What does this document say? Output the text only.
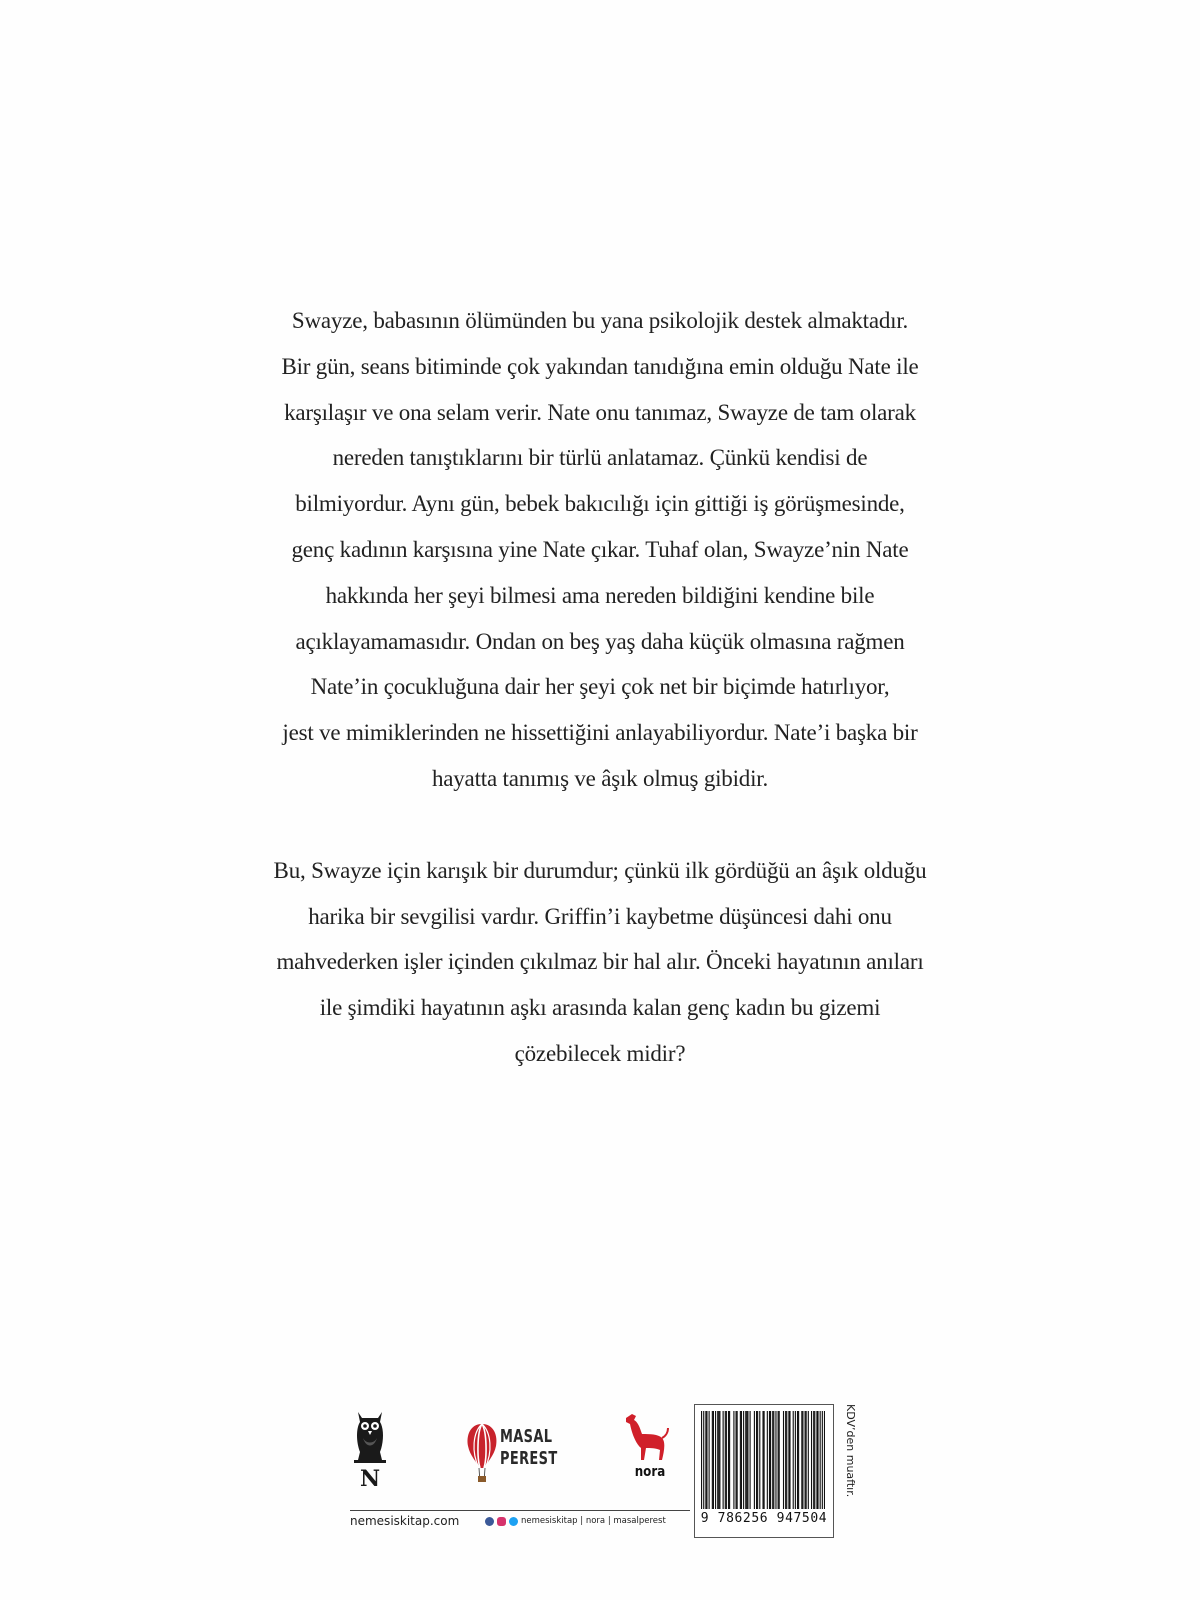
Swayze, babasının ölümünden bu yana psikolojik destek almaktadır.
Bir gün, seans bitiminde çok yakından tanıdığına emin olduğu Nate ile
karşılaşır ve ona selam verir. Nate onu tanımaz, Swayze de tam olarak
nereden tanıştıklarını bir türlü anlatamaz. Çünkü kendisi de
bilmiyordur. Aynı gün, bebek bakıcılığı için gittiği iş görüşmesinde,
genç kadının karşısına yine Nate çıkar. Tuhaf olan, Swayze’nin Nate
hakkında her şeyi bilmesi ama nereden bildiğini kendine bile
açıklayamamasıdır. Ondan on beş yaş daha küçük olmasına rağmen
Nate’in çocukluğuna dair her şeyi çok net bir biçimde hatırlıyor,
jest ve mimiklerinden ne hissettiğini anlayabiliyordur. Nate’i başka bir
hayatta tanımış ve âşık olmuş gibidir.

Bu, Swayze için karışık bir durumdur; çünkü ilk gördüğü an âşık olduğu
harika bir sevgilisi vardır. Griffin’i kaybetme düşüncesi dahi onu
mahvederken işler içinden çıkılmaz bir hal alır. Önceki hayatının anıları
ile şimdiki hayatının aşkı arasında kalan genç kadın bu gizemi
çözebilecek midir?

N
MASAL
PEREST
nora
nemesiskitap.com	nemesiskitap | nora | masalperest	9 786256 947504
KDV’den muaftır.
